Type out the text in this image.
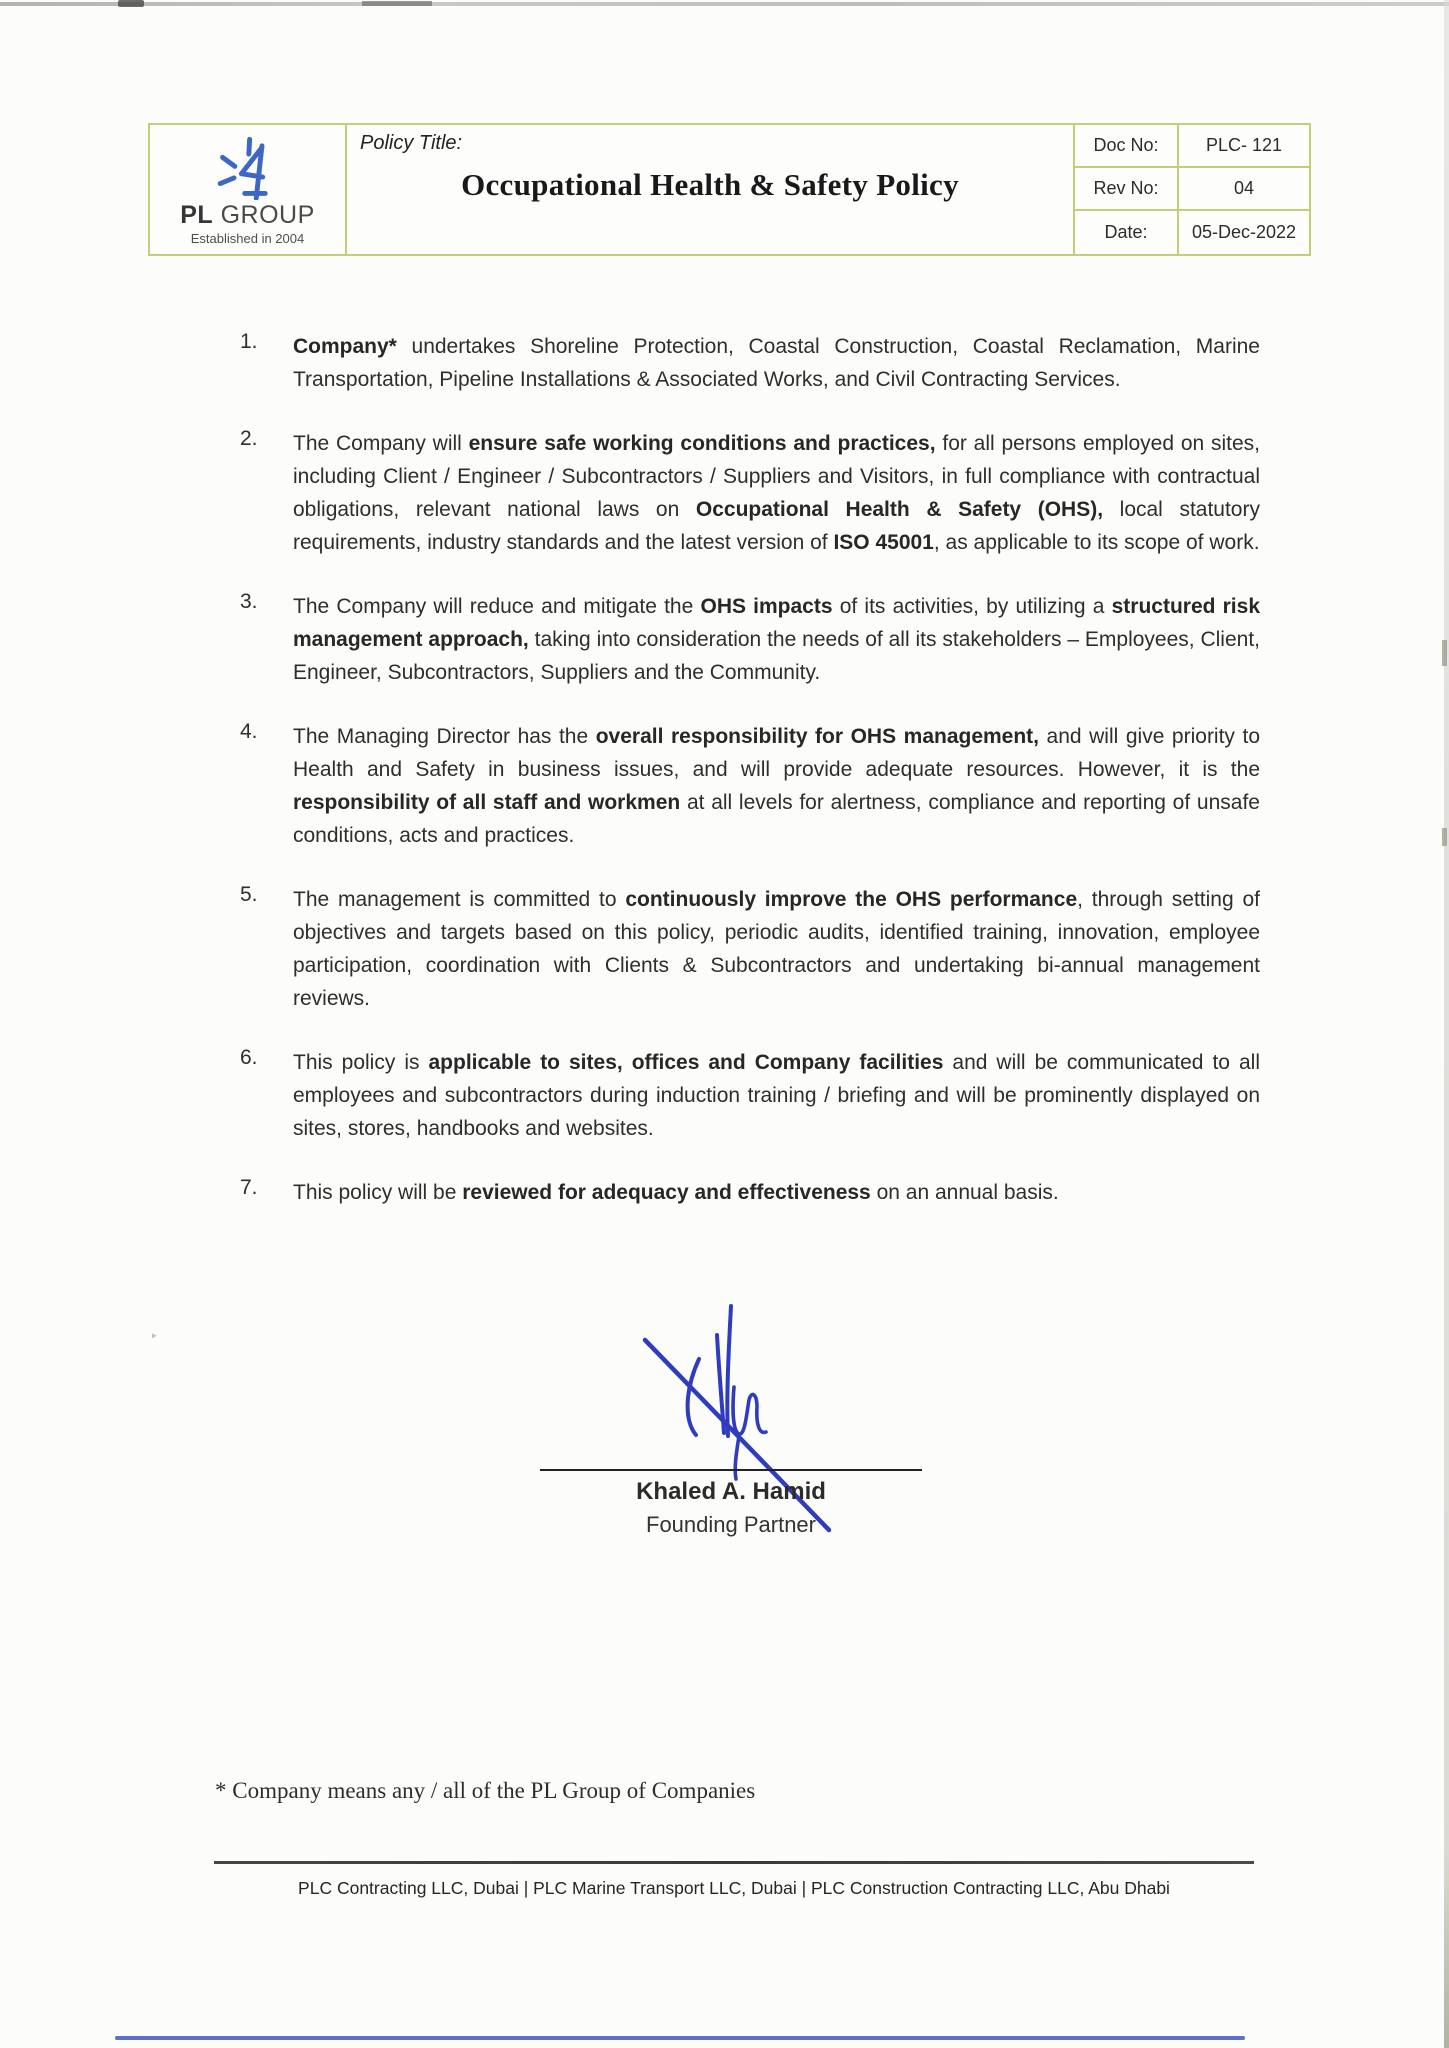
‣
PL GROUP
Established in 2004
Policy Title:
Occupational Health & Safety Policy
Doc No:	PLC- 121
Rev No:	04
Date:	05-Dec-2022
1.	Company* undertakes Shoreline Protection, Coastal Construction, Coastal Reclamation, Marine Transportation, Pipeline Installations & Associated Works, and Civil Contracting Services.
2.	The Company will ensure safe working conditions and practices, for all persons employed on sites, including Client / Engineer / Subcontractors / Suppliers and Visitors, in full compliance with contractual obligations, relevant national laws on Occupational Health & Safety (OHS), local statutory requirements, industry standards and the latest version of ISO 45001, as applicable to its scope of work.
3.	The Company will reduce and mitigate the OHS impacts of its activities, by utilizing a structured risk management approach, taking into consideration the needs of all its stakeholders – Employees, Client, Engineer, Subcontractors, Suppliers and the Community.
4.	The Managing Director has the overall responsibility for OHS management, and will give priority to Health and Safety in business issues, and will provide adequate resources. However, it is the responsibility of all staff and workmen at all levels for alertness, compliance and reporting of unsafe conditions, acts and practices.
5.	The management is committed to continuously improve the OHS performance, through setting of objectives and targets based on this policy, periodic audits, identified training, innovation, employee participation, coordination with Clients & Subcontractors and undertaking bi-annual management reviews.
6.	This policy is applicable to sites, offices and Company facilities and will be communicated to all employees and subcontractors during induction training / briefing and will be prominently displayed on sites, stores, handbooks and websites.
7.	This policy will be reviewed for adequacy and effectiveness on an annual basis.
Khaled A. Hamid
Founding Partner
* Company means any / all of the PL Group of Companies
PLC Contracting LLC, Dubai | PLC Marine Transport LLC, Dubai | PLC Construction Contracting LLC, Abu Dhabi
